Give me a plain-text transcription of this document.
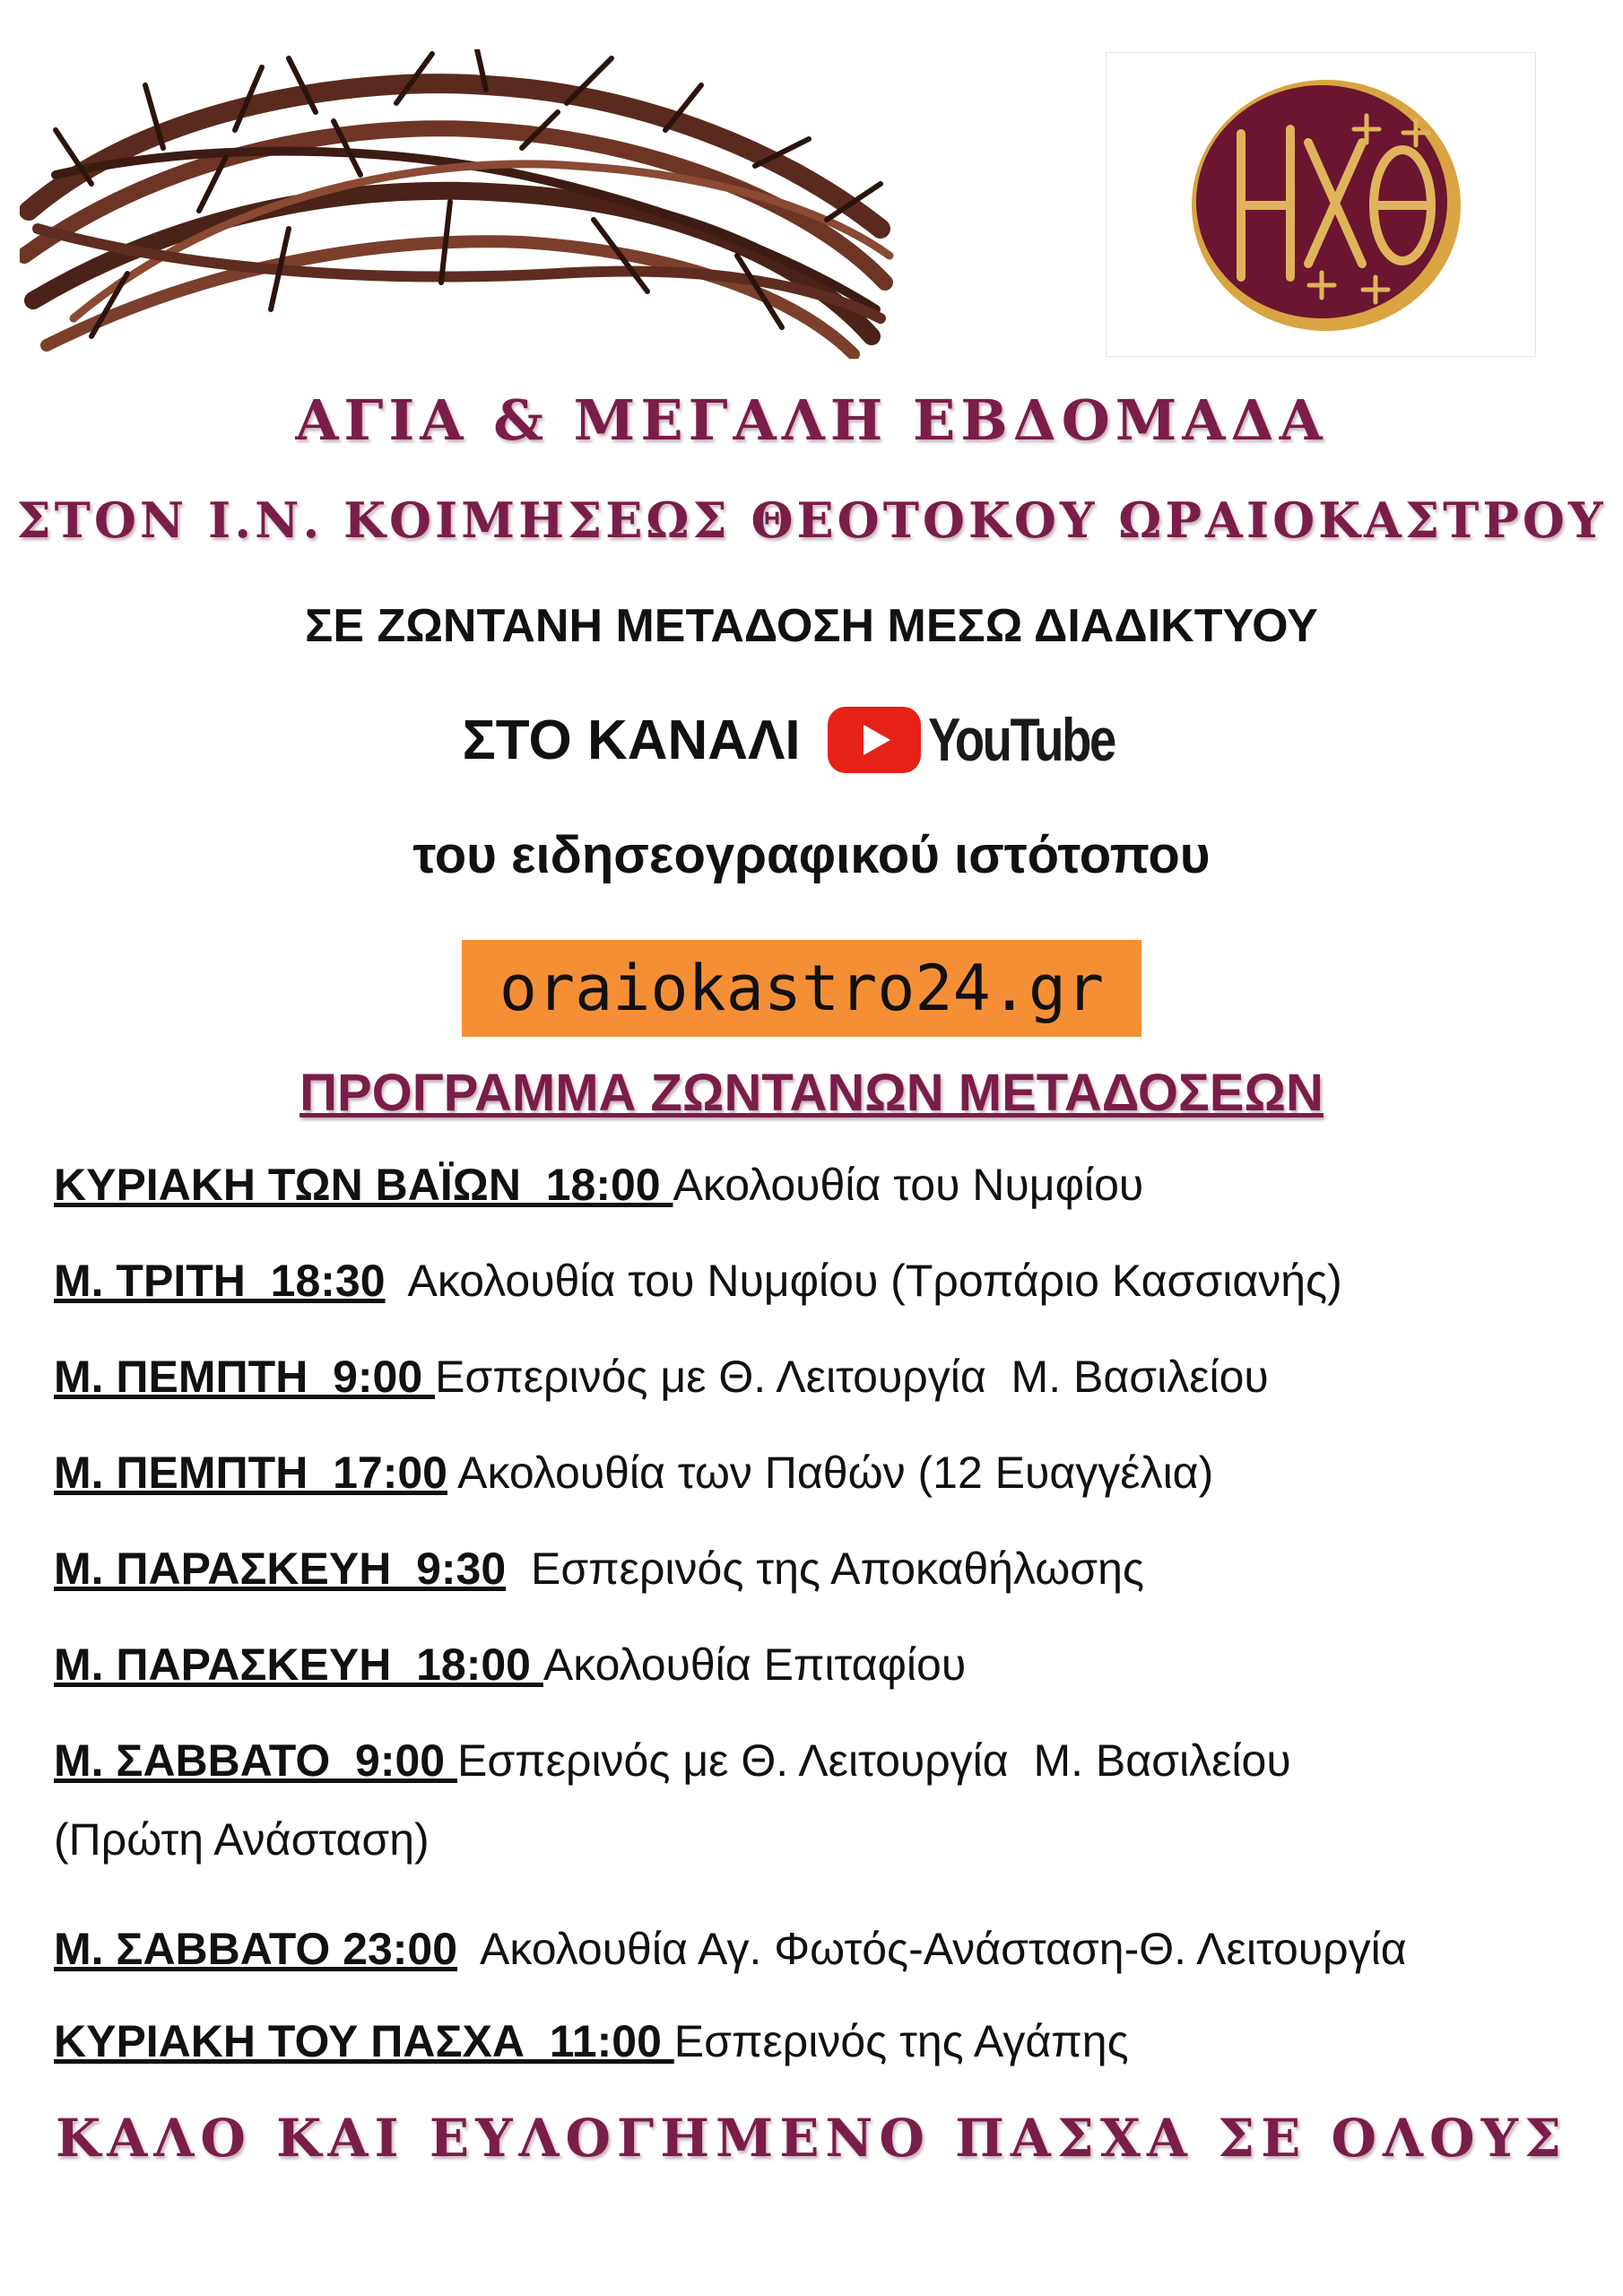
ΑΓΙΑ & ΜΕΓΑΛΗ ΕΒΔΟΜΑΔΑ
ΣΤΟΝ Ι.Ν. ΚΟΙΜΗΣΕΩΣ ΘΕΟΤΟΚΟΥ ΩΡΑΙΟΚΑΣΤΡΟΥ
ΣΕ ΖΩΝΤΑΝΗ ΜΕΤΑΔΟΣΗ ΜΕΣΩ ΔΙΑΔΙΚΤΥΟΥ
ΣΤΟ ΚΑΝΑΛΙ YouTube
του ειδησεογραφικού ιστότοπου
oraiokastro24.gr
ΠΡΟΓΡΑΜΜΑ ΖΩΝΤΑΝΩΝ ΜΕΤΑΔΟΣΕΩΝ
ΚΥΡΙΑΚΗ ΤΩΝ ΒΑΪΩΝ  18:00 Ακολουθία του Νυμφίου
Μ. ΤΡΙΤΗ  18:30  Ακολουθία του Νυμφίου (Τροπάριο Κασσιανής)
Μ. ΠΕΜΠΤΗ  9:00 Εσπερινός με Θ. Λειτουργία  Μ. Βασιλείου
Μ. ΠΕΜΠΤΗ  17:00 Ακολουθία των Παθών (12 Ευαγγέλια)
Μ. ΠΑΡΑΣΚΕΥΗ  9:30  Εσπερινός της Αποκαθήλωσης
Μ. ΠΑΡΑΣΚΕΥΗ  18:00 Ακολουθία Επιταφίου
Μ. ΣΑΒΒΑΤΟ  9:00 Εσπερινός με Θ. Λειτουργία  Μ. Βασιλείου
(Πρώτη Ανάσταση)
Μ. ΣΑΒΒΑΤΟ 23:00  Ακολουθία Αγ. Φωτός-Ανάσταση-Θ. Λειτουργία
ΚΥΡΙΑΚΗ ΤΟΥ ΠΑΣΧΑ  11:00 Εσπερινός της Αγάπης
ΚΑΛΟ ΚΑΙ ΕΥΛΟΓΗΜΕΝΟ ΠΑΣΧΑ ΣΕ ΟΛΟΥΣ
